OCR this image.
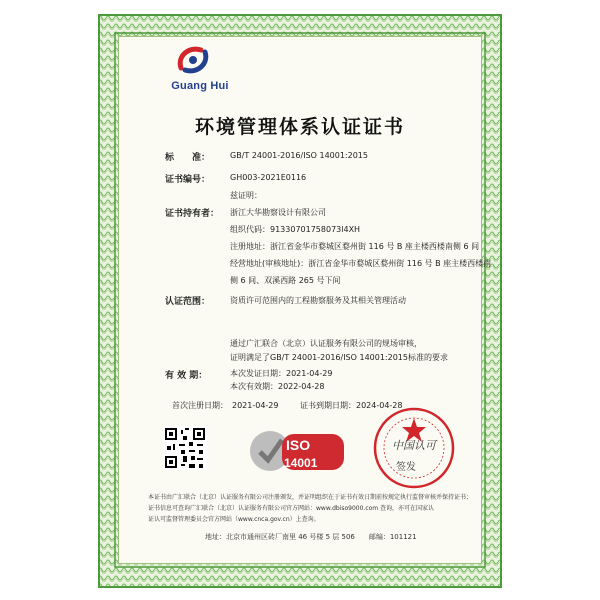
Guang Hui
环境管理体系认证证书
标　　准： GB/T 24001-2016/ISO 14001:2015
证书编号： GH003-2021E0116
兹证明：
证书持有者： 浙江大华勘察设计有限公司
组织代码：91330701758073l4XH
注册地址：浙江省金华市婺城区婺州街 116 号 B 座主楼西楼南侧 6 间
经营地址(审核地址)：浙江省金华市婺城区婺州街 116 号 B 座主楼西楼南
侧 6 间、双溪西路 265 号下间
认证范围： 资质许可范围内的工程勘察服务及其相关管理活动
通过广汇联合（北京）认证服务有限公司的规场审核，
证明满足了GB/T 24001-2016/ISO 14001:2015标准的要求
有 效 期：	本次发证日期：2021-04-29
本次有效期：2022-04-28
首次注册日期：　2021-04-29	证书到期日期：2024-04-28
ISO
14001
中国认可
签发
本证书由广汇联合（北京）认证服务有限公司注册颁发，并证明组织在于证书有效日期前按规定执行监督审核并保持证书；
证书信息可查询广汇联合（北京）认证服务有限公司官方网站：www.dbiso9000.com 查询，亦可在国家认
证认可监督管理委员会官方网站（www.cnca.gov.cn）上查询。
地址：北京市通州区砖厂南里 46 号楼 5 层 506　　邮编：101121
